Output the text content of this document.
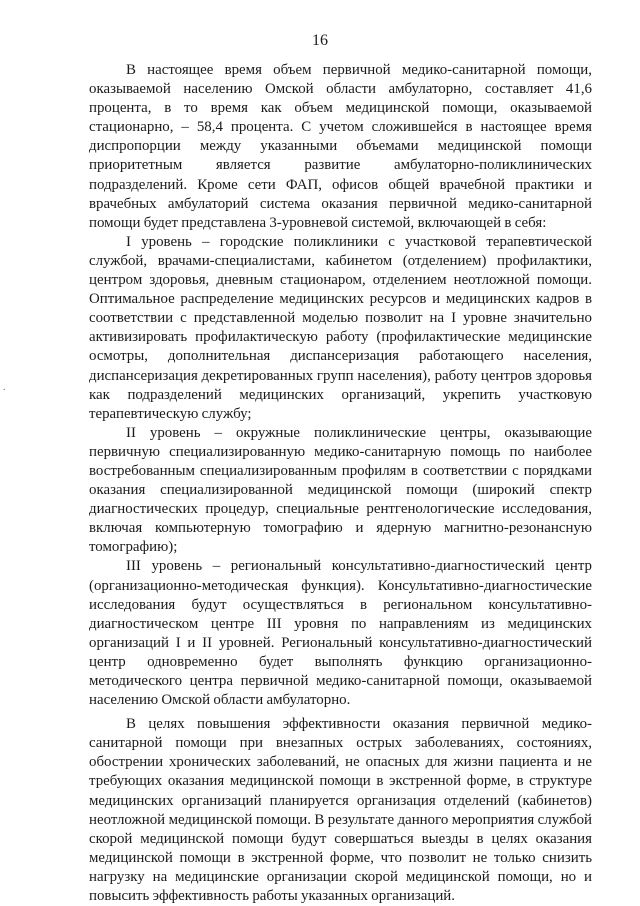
16
.

В настоящее время объем первичной медико-санитарной помощи, оказываемой населению Омской области амбулаторно, составляет 41,6 процента, в то время как объем медицинской помощи, оказываемой стационарно, – 58,4 процента. С учетом сложившейся в настоящее время диспропорции между указанными объемами медицинской помощи приоритетным является развитие амбулаторно-поликлинических подразделений. Кроме сети ФАП, офисов общей врачебной практики и врачебных амбулаторий система оказания первичной медико-санитарной помощи будет представлена 3-уровневой системой, включающей в себя:

I уровень – городские поликлиники с участковой терапевтической службой, врачами-специалистами, кабинетом (отделением) профилактики, центром здоровья, дневным стационаром, отделением неотложной помощи. Оптимальное распределение медицинских ресурсов и медицинских кадров в соответствии с представленной моделью позволит на I уровне значительно активизировать профилактическую работу (профилактические медицинские осмотры, дополнительная диспансеризация работающего населения, диспансеризация декретированных групп населения), работу центров здоровья как подразделений медицинских организаций, укрепить участковую терапевтическую службу;

II уровень – окружные поликлинические центры, оказывающие первичную специализированную медико-санитарную помощь по наиболее востребованным специализированным профилям в соответствии с порядками оказания специализированной медицинской помощи (широкий спектр диагностических процедур, специальные рентгенологические исследования, включая компьютерную томографию и ядерную магнитно-резонансную томографию);

III уровень – региональный консультативно-диагностический центр (организационно-методическая функция). Консультативно-диагностические исследования будут осуществляться в региональном консультативно-диагностическом центре III уровня по направлениям из медицинских организаций I и II уровней. Региональный консультативно-диагностический центр одновременно будет выполнять функцию организационно-методического центра первичной медико-санитарной помощи, оказываемой населению Омской области амбулаторно.

В целях повышения эффективности оказания первичной медико-санитарной помощи при внезапных острых заболеваниях, состояниях, обострении хронических заболеваний, не опасных для жизни пациента и не требующих оказания медицинской помощи в экстренной форме, в структуре медицинских организаций планируется организация отделений (кабинетов) неотложной медицинской помощи. В результате данного мероприятия службой скорой медицинской помощи будут совершаться выезды в целях оказания медицинской помощи в экстренной форме, что позволит не только снизить нагрузку на медицинские организации скорой медицинской помощи, но и повысить эффективность работы указанных организаций.
